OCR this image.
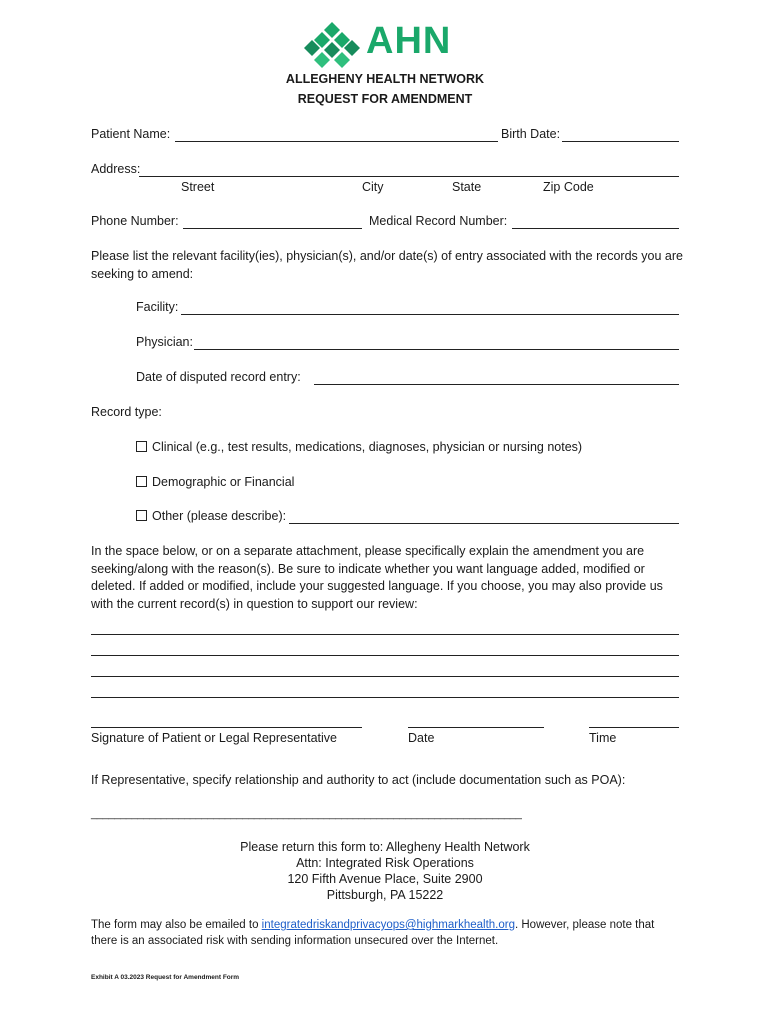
AHN
ALLEGHENY HEALTH NETWORK
REQUEST FOR AMENDMENT
Patient Name:	Birth Date:
Address:
Street	City	State	Zip Code
Phone Number:	Medical Record Number:
Please list the relevant facility(ies), physician(s), and/or date(s) of entry associated with the records you are seeking to amend:
Facility:
Physician:
Date of disputed record entry:
Record type:
Clinical (e.g., test results, medications, diagnoses, physician or nursing notes)
Demographic or Financial
Other (please describe):
In the space below, or on a separate attachment, please specifically explain the amendment you are seeking/along with the reason(s). Be sure to indicate whether you want language added, modified or deleted. If added or modified, include your suggested language. If you choose, you may also provide us with the current record(s) in question to support our review:
Signature of Patient or Legal Representative	Date	Time
If Representative, specify relationship and authority to act (include documentation such as POA):
__________________________________________________________________________
Please return this form to: Allegheny Health Network
Attn: Integrated Risk Operations
120 Fifth Avenue Place, Suite 2900
Pittsburgh, PA 15222
The form may also be emailed to integratedriskandprivacyops@highmarkhealth.org. However, please note that there is an associated risk with sending information unsecured over the Internet.
Exhibit A 03.2023 Request for Amendment Form
